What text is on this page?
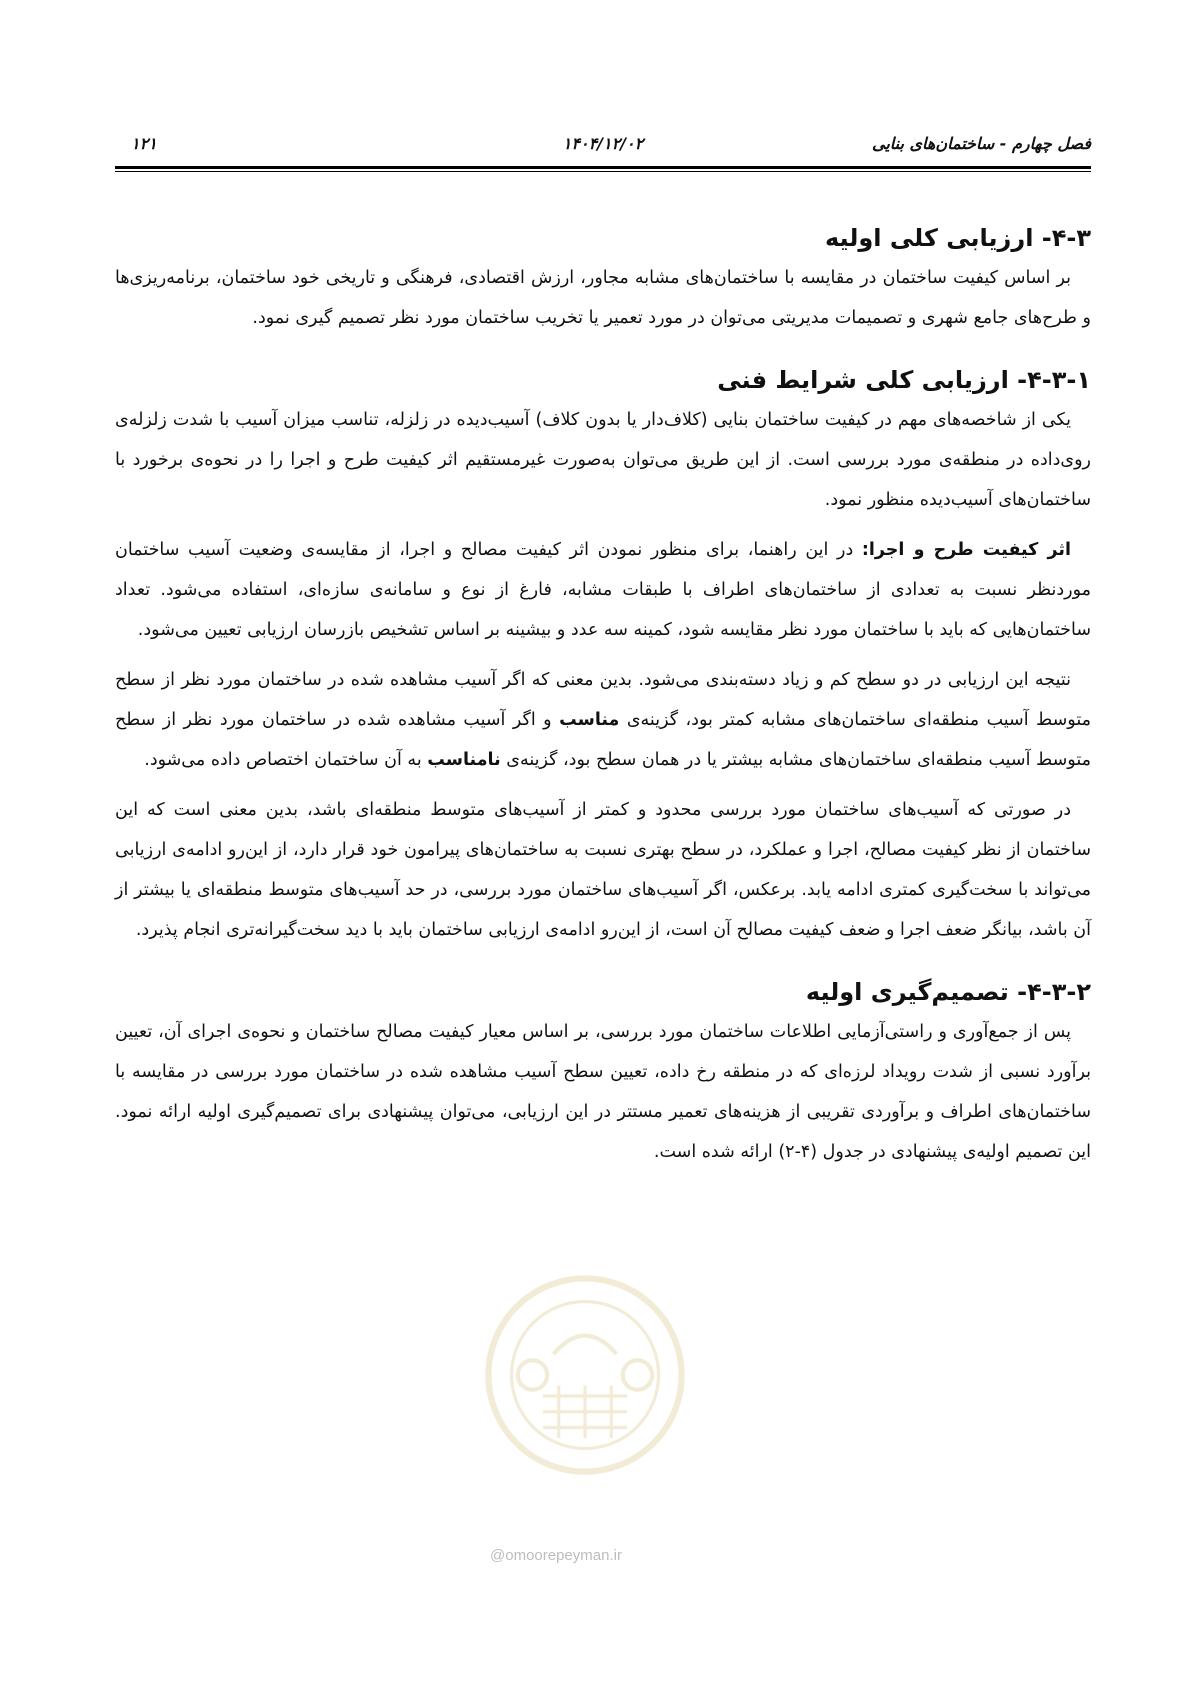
فصل چهارم - ساختمان‌های بنایی
۱۴۰۴/۱۲/۰۲
۱۲۱
۴-۳- ارزیابی کلی اولیه

بر اساس کیفیت ساختمان در مقایسه با ساختمان‌های مشابه مجاور، ارزش اقتصادی، فرهنگی و تاریخی خود ساختمان، برنامه‌ریزی‌ها و طرح‌های جامع شهری و تصمیمات مدیریتی می‌توان در مورد تعمیر یا تخریب ساختمان مورد نظر تصمیم گیری نمود.

۴-۳-۱- ارزیابی کلی شرایط فنی

یکی از شاخصه‌های مهم در کیفیت ساختمان بنایی (کلاف‌دار یا بدون کلاف) آسیب‌دیده در زلزله، تناسب میزان آسیب با شدت زلزله‌ی روی‌داده در منطقه‌ی مورد بررسی است. از این طریق می‌توان به‌صورت غیرمستقیم اثر کیفیت طرح و اجرا را در نحوه‌ی برخورد با ساختمان‌های آسیب‌دیده منظور نمود.

اثر کیفیت طرح و اجرا: در این راهنما، برای منظور نمودن اثر کیفیت مصالح و اجرا، از مقایسه‌ی وضعیت آسیب ساختمان موردنظر نسبت به تعدادی از ساختمان‌های اطراف با طبقات مشابه، فارغ از نوع و سامانه‌ی سازه‌ای، استفاده می‌شود. تعداد ساختمان‌هایی که باید با ساختمان مورد نظر مقایسه شود، کمینه سه عدد و بیشینه بر اساس تشخیص بازرسان ارزیابی تعیین می‌شود.

نتیجه این ارزیابی در دو سطح کم و زیاد دسته‌بندی می‌شود. بدین معنی که اگر آسیب مشاهده شده در ساختمان مورد نظر از سطح متوسط آسیب منطقه‌ای ساختمان‌های مشابه کمتر بود، گزینه‌ی مناسب و اگر آسیب مشاهده شده در ساختمان مورد نظر از سطح متوسط آسیب منطقه‌ای ساختمان‌های مشابه بیشتر یا در همان سطح بود، گزینه‌ی نامناسب به آن ساختمان اختصاص داده می‌شود.

در صورتی که آسیب‌های ساختمان مورد بررسی محدود و کمتر از آسیب‌های متوسط منطقه‌ای باشد، بدین معنی است که این ساختمان از نظر کیفیت مصالح، اجرا و عملکرد، در سطح بهتری نسبت به ساختمان‌های پیرامون خود قرار دارد، از این‌رو ادامه‌ی ارزیابی می‌تواند با سخت‌گیری کمتری ادامه یابد. برعکس، اگر آسیب‌های ساختمان مورد بررسی، در حد آسیب‌های متوسط منطقه‌ای یا بیشتر از آن باشد، بیانگر ضعف اجرا و ضعف کیفیت مصالح آن است، از این‌رو ادامه‌ی ارزیابی ساختمان باید با دید سخت‌گیرانه‌تری انجام پذیرد.

۴-۳-۲- تصمیم‌گیری اولیه

پس از جمع‌آوری و راستی‌آزمایی اطلاعات ساختمان مورد بررسی، بر اساس معیار کیفیت مصالح ساختمان و نحوه‌ی اجرای آن، تعیین برآورد نسبی از شدت رویداد لرزه‌ای که در منطقه رخ داده، تعیین سطح آسیب مشاهده شده در ساختمان مورد بررسی در مقایسه با ساختمان‌های اطراف و برآوردی تقریبی از هزینه‌های تعمیر مستتر در این ارزیابی، می‌توان پیشنهادی برای تصمیم‌گیری اولیه ارائه نمود. این تصمیم اولیه‌ی پیشنهادی در جدول (۴-۲) ارائه شده است.

@omoorepeyman.ir
